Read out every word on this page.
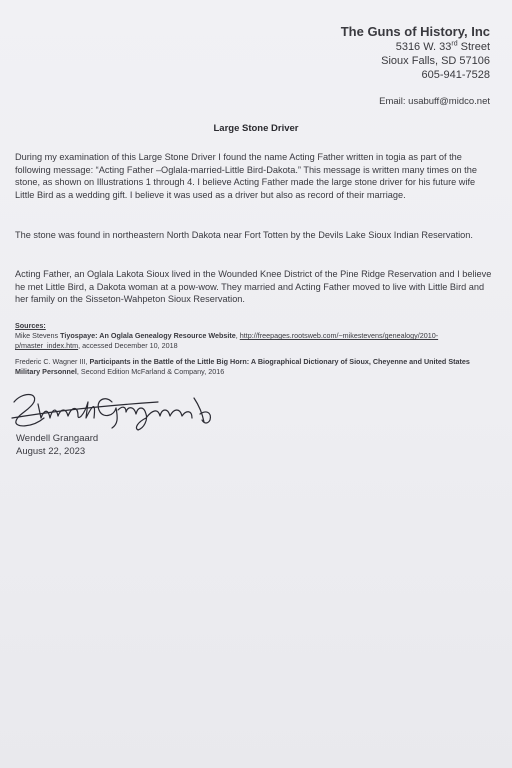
The Guns of History, Inc
5316 W. 33rd Street
Sioux Falls, SD 57106
605-941-7528
Email: usabuff@midco.net
Large Stone Driver
During my examination of this Large Stone Driver I found the name Acting Father written in togia as part of the following message: “Acting Father –Oglala-married-Little Bird-Dakota.” This message is written many times on the stone, as shown on Illustrations 1 through 4. I believe Acting Father made the large stone driver for his future wife Little Bird as a wedding gift. I believe it was used as a driver but also as record of their marriage.
The stone was found in northeastern North Dakota near Fort Totten by the Devils Lake Sioux Indian Reservation.
Acting Father, an Oglala Lakota Sioux lived in the Wounded Knee District of the Pine Ridge Reservation and I believe he met Little Bird, a Dakota woman at a pow-wow. They married and Acting Father moved to live with Little Bird and her family on the Sisseton-Wahpeton Sioux Reservation.
Sources:
Mike Stevens Tiyospaye: An Oglala Genealogy Resource Website, http://freepages.rootsweb.com/~mikestevens/genealogy/2010-p/master_index.htm, accessed December 10, 2018
Frederic C. Wagner III, Participants in the Battle of the Little Big Horn: A Biographical Dictionary of Sioux, Cheyenne and United States Military Personnel, Second Edition McFarland & Company, 2016
Wendell Grangaard
August 22, 2023
